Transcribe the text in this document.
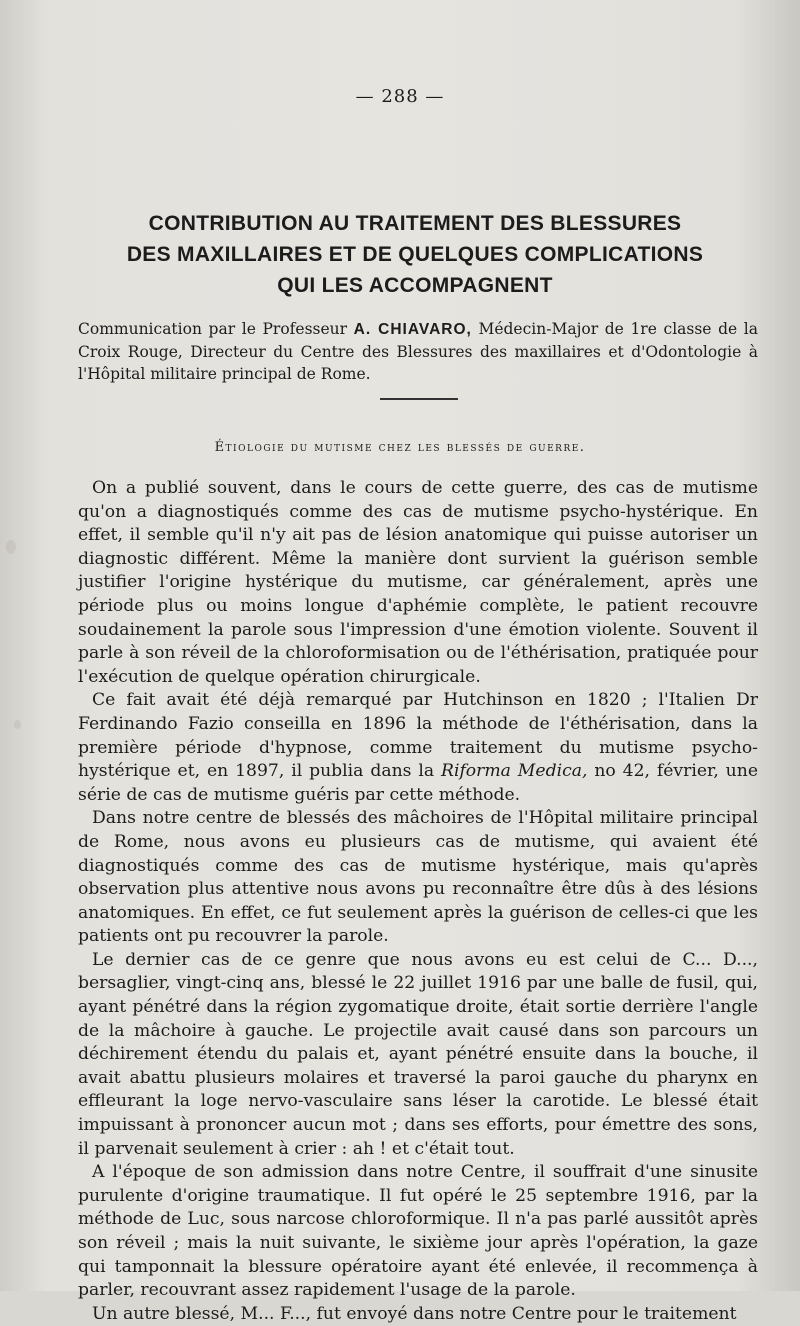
— 288 —
CONTRIBUTION AU TRAITEMENT DES BLESSURES
DES MAXILLAIRES ET DE QUELQUES COMPLICATIONS
QUI LES ACCOMPAGNENT
Communication par le Professeur A. CHIAVARO, Médecin-Major de 1re classe de la Croix Rouge, Directeur du Centre des Blessures des maxillaires et d'Odontologie à l'Hôpital militaire principal de Rome.
Étiologie du mutisme chez les blessés de guerre.

On a publié souvent, dans le cours de cette guerre, des cas de mutisme qu'on a diagnostiqués comme des cas de mutisme psycho-hystérique. En effet, il semble qu'il n'y ait pas de lésion anatomique qui puisse autoriser un diagnostic différent. Même la manière dont survient la guérison semble justifier l'origine hystérique du mutisme, car généralement, après une période plus ou moins longue d'aphémie complète, le patient recouvre soudainement la parole sous l'impression d'une émotion violente. Souvent il parle à son réveil de la chloroformisation ou de l'éthérisation, pratiquée pour l'exécution de quelque opération chirurgicale.

Ce fait avait été déjà remarqué par Hutchinson en 1820 ; l'Italien Dr Ferdinando Fazio conseilla en 1896 la méthode de l'éthérisation, dans la première période d'hypnose, comme traitement du mutisme psycho-hystérique et, en 1897, il publia dans la Riforma Medica, no 42, février, une série de cas de mutisme guéris par cette méthode.

Dans notre centre de blessés des mâchoires de l'Hôpital militaire principal de Rome, nous avons eu plusieurs cas de mutisme, qui avaient été diagnostiqués comme des cas de mutisme hystérique, mais qu'après observation plus attentive nous avons pu reconnaître être dûs à des lésions anatomiques. En effet, ce fut seulement après la guérison de celles-ci que les patients ont pu recouvrer la parole.

Le dernier cas de ce genre que nous avons eu est celui de C... D..., bersaglier, vingt-cinq ans, blessé le 22 juillet 1916 par une balle de fusil, qui, ayant pénétré dans la région zygomatique droite, était sortie derrière l'angle de la mâchoire à gauche. Le projectile avait causé dans son parcours un déchirement étendu du palais et, ayant pénétré ensuite dans la bouche, il avait abattu plusieurs molaires et traversé la paroi gauche du pharynx en effleurant la loge nervo-vasculaire sans léser la carotide. Le blessé était impuissant à prononcer aucun mot ; dans ses efforts, pour émettre des sons, il parvenait seulement à crier : ah ! et c'était tout.

A l'époque de son admission dans notre Centre, il souffrait d'une sinusite purulente d'origine traumatique. Il fut opéré le 25 septembre 1916, par la méthode de Luc, sous narcose chloroformique. Il n'a pas parlé aussitôt après son réveil ; mais la nuit suivante, le sixième jour après l'opération, la gaze qui tamponnait la blessure opératoire ayant été enlevée, il recommença à parler, recouvrant assez rapidement l'usage de la parole.

Un autre blessé, M... F..., fut envoyé dans notre Centre pour le traitement
